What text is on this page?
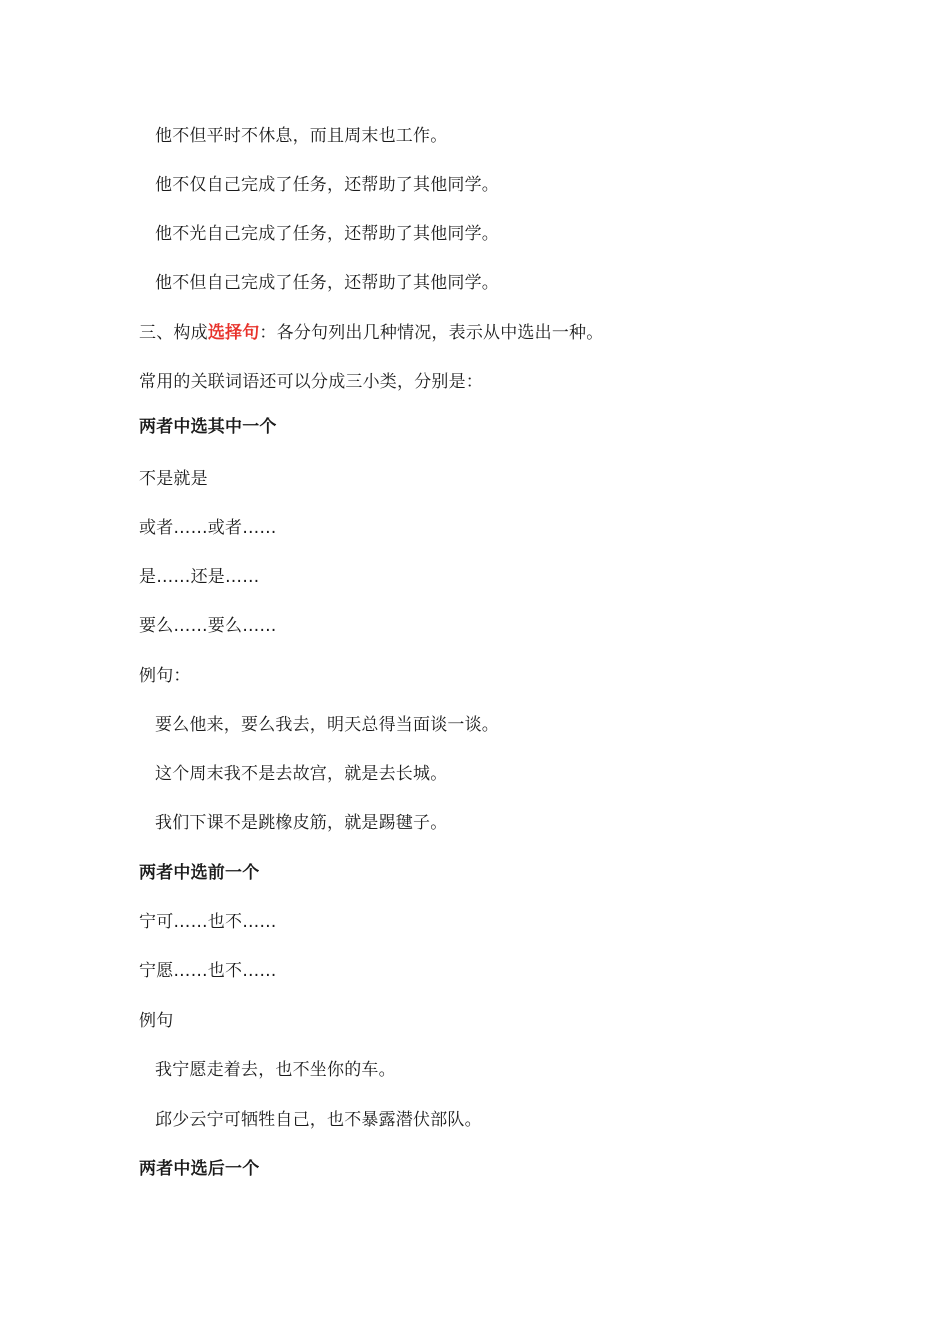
他不但平时不休息，而且周末也工作。
他不仅自己完成了任务，还帮助了其他同学。
他不光自己完成了任务，还帮助了其他同学。
他不但自己完成了任务，还帮助了其他同学。
三、构成选择句：各分句列出几种情况，表示从中选出一种。
常用的关联词语还可以分成三小类，分别是：
两者中选其中一个
不是就是
或者……或者……
是……还是……
要么……要么……
例句：
要么他来，要么我去，明天总得当面谈一谈。
这个周末我不是去故宫，就是去长城。
我们下课不是跳橡皮筋，就是踢毽子。
两者中选前一个
宁可……也不……
宁愿……也不……
例句
我宁愿走着去，也不坐你的车。
邱少云宁可牺牲自己，也不暴露潜伏部队。
两者中选后一个
